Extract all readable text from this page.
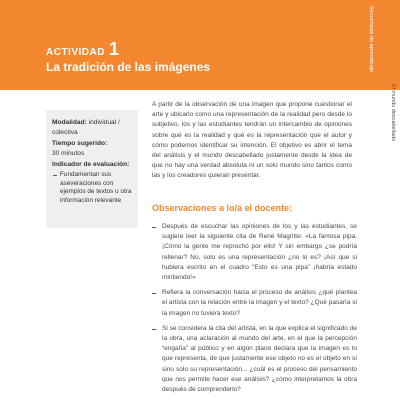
ACTIVIDAD 1
La tradición de las imágenes	Secuencias de aprendizaje
El mundo descabellado
Modalidad: individual / colectiva
Tiempo sugerido:
30 minutos
Indicador de evaluación:
Fundamentan sus aseveraciones con ejemplos de textos u otra información relevante

A partir de la observación de una imagen que propone cuestionar el arte y ubicarlo como una representación de la realidad pero desde lo subjetivo, los y las estudiantes tendrán un intercambio de opiniones sobre qué es la realidad y qué es la representación que el autor y cómo podemos identificar su intención. El objetivo es abrir el tema del análisis y el mundo descabellado justamente desde la idea de que no hay una verdad absoluta ni un solo mundo sino tantos como las y los creadores quieran presentar.

Observaciones a lo/a el docente:
Después de escuchar las opiniones de los y las estudiantes, se sugiere leer la siguiente cita de René Magritte: «La famosa pipa. ¡Cómo la gente me reprochó por ello! Y sin embargo ¿se podría rellenar? No, solo es una representación ¿no lo es? ¡Así que si hubiera escrito en el cuadro “Esto es una pipa” ¡habría estado mintiendo!»
Refiera la conversación hacia el proceso de análisis ¿qué plantea el artista con la relación entre la imagen y el texto? ¿Qué pasaría si la imagen no tuviera texto?
Si se considera la cita del artista, en la que explica el significado de la obra, una aclaración al mundo del arte, en el que la percepción “engaña” al público y en algún plano declara que la imagen es lo que representa, de que justamente ese objeto no es el objeto en sí sino solo su representación... ¿cuál es el proceso del pensamiento que nos permite hacer ese análisis? ¿cómo interpretamos la obra después de comprenderlo?
